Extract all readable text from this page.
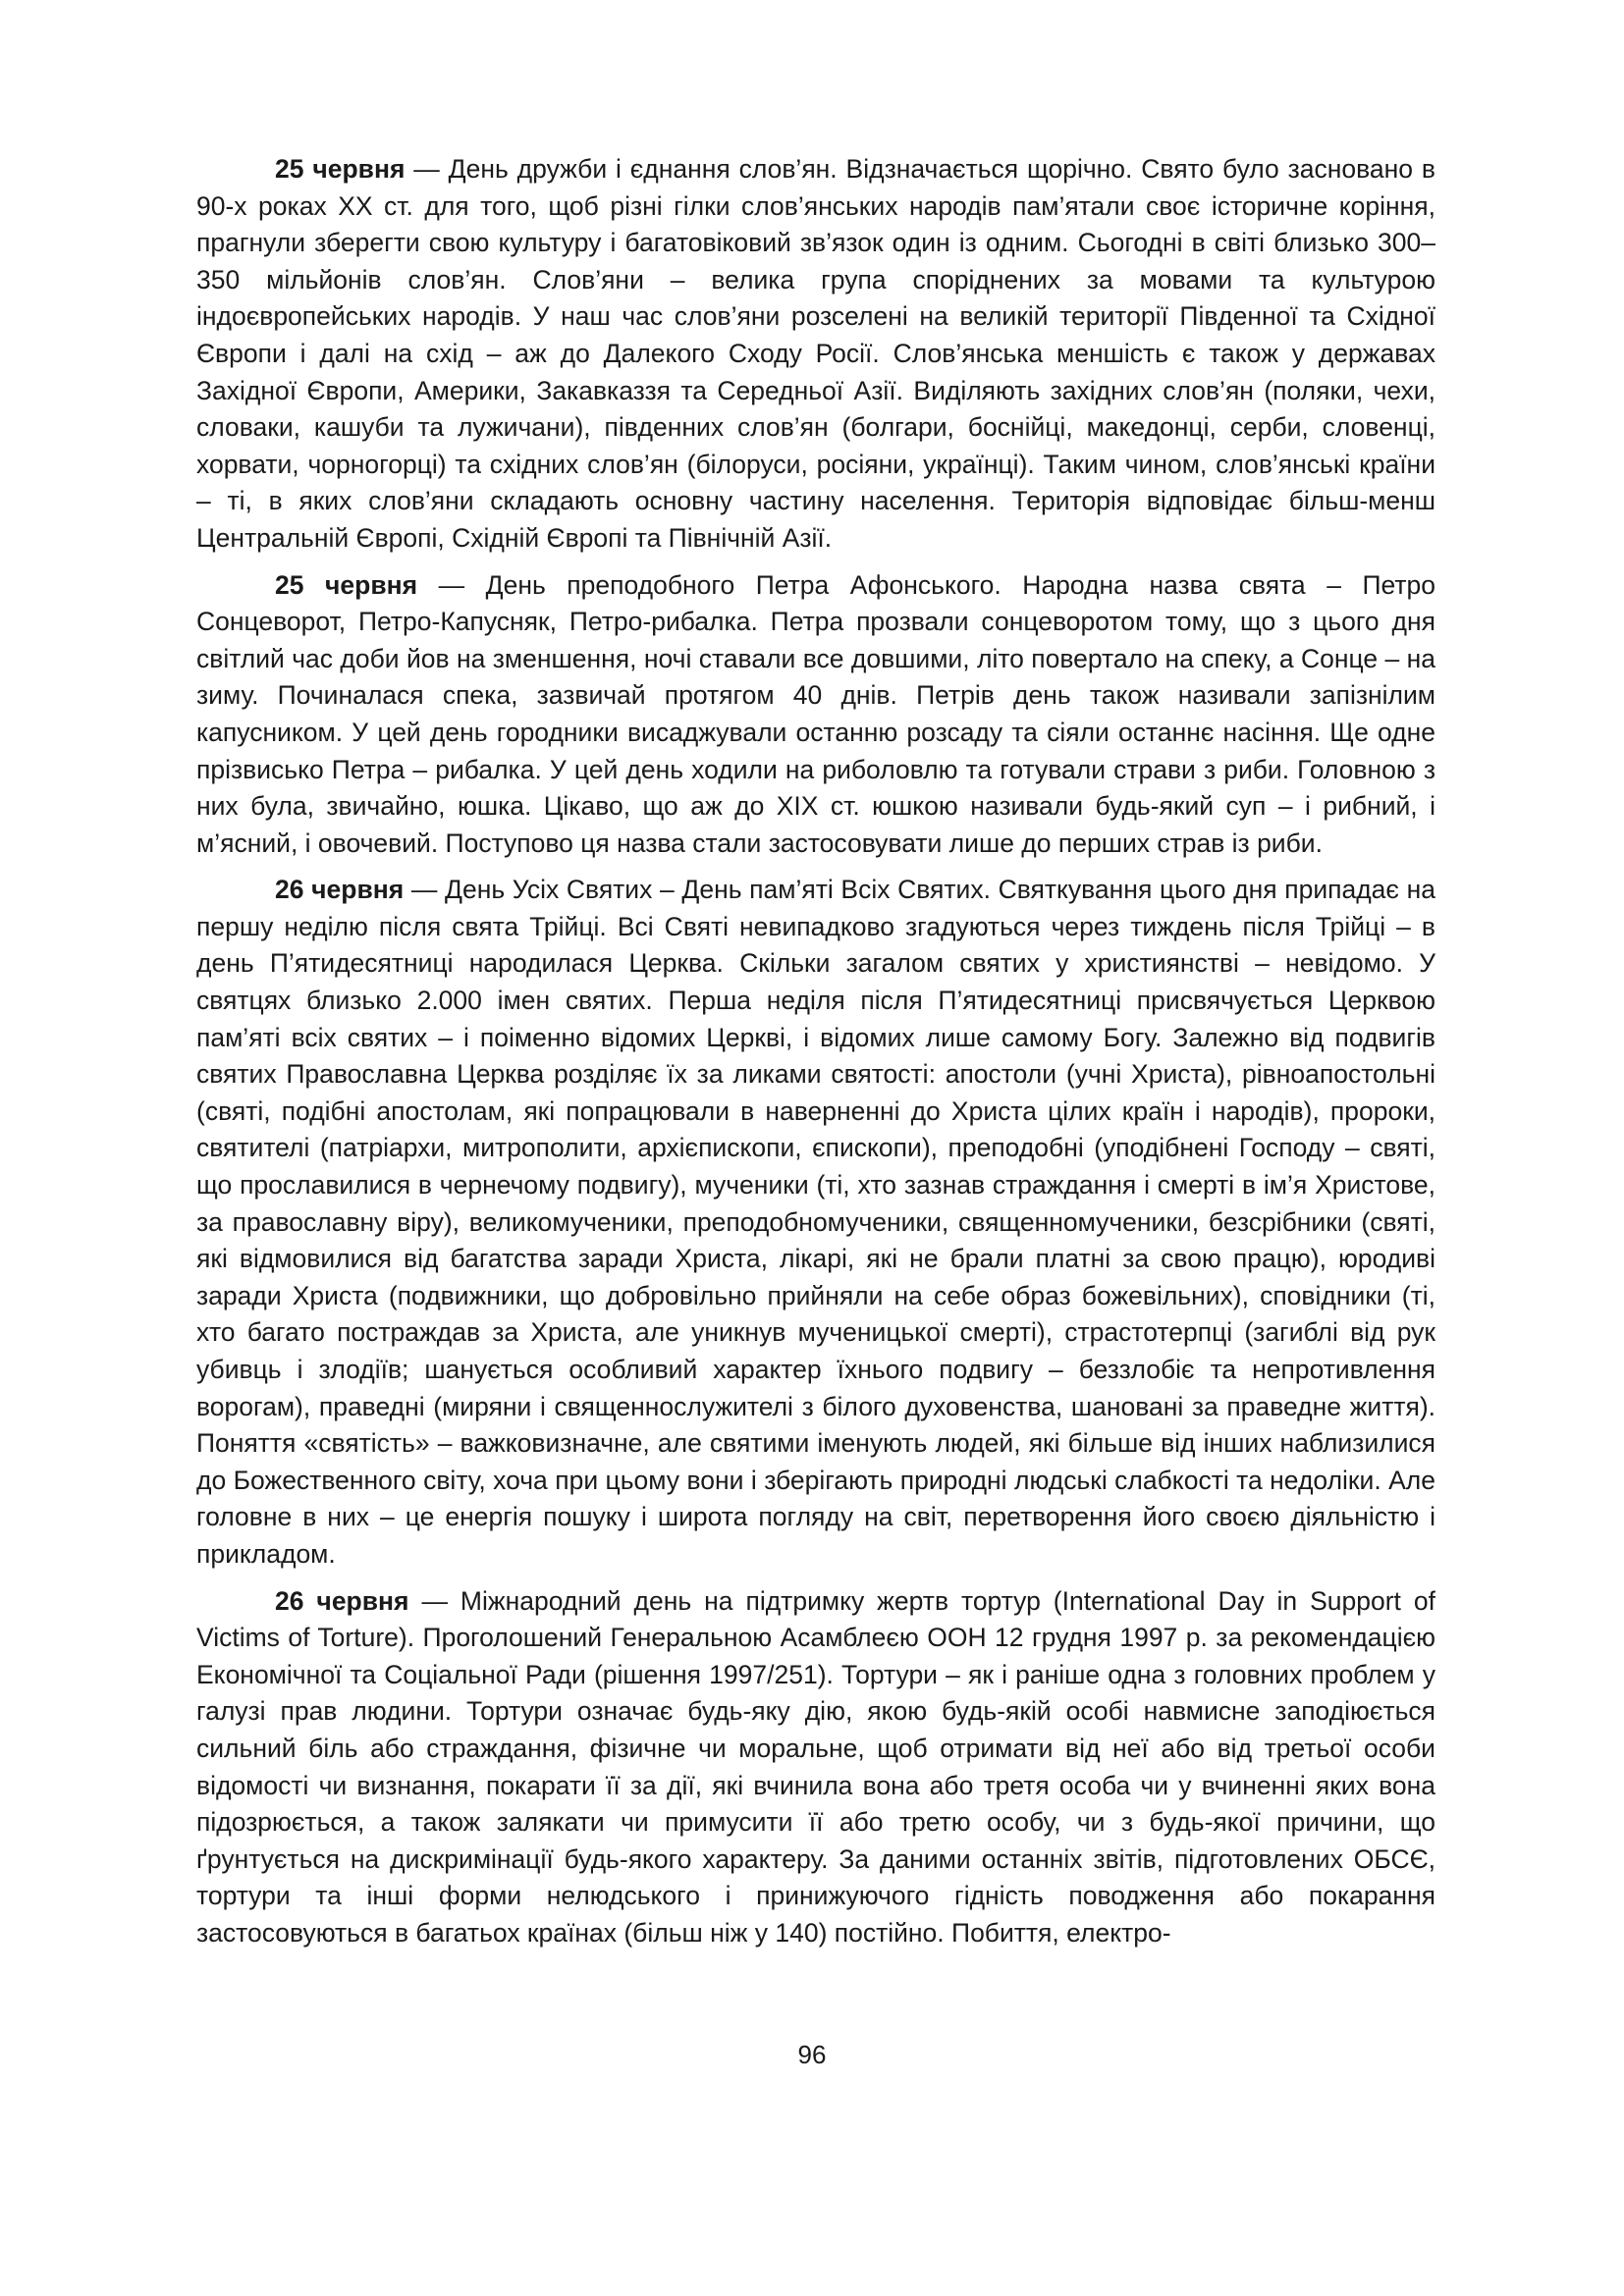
25 червня — День дружби і єднання слов’ян. Відзначається щорічно. Свято було засновано в 90-х роках ХХ ст. для того, щоб різні гілки слов’янських народів пам’ятали своє історичне коріння, прагнули зберегти свою культуру і багатовіковий зв’язок один із одним. Сьогодні в світі близько 300–350 мільйонів слов’ян. Слов’яни – велика група споріднених за мовами та культурою індоєвропейських народів. У наш час слов’яни розселені на великій території Південної та Східної Європи і далі на схід – аж до Далекого Сходу Росії. Слов’янська меншість є також у державах Західної Європи, Америки, Закавказзя та Середньої Азії. Виділяють західних слов’ян (поляки, чехи, словаки, кашуби та лужичани), південних слов’ян (болгари, боснійці, македонці, серби, словенці, хорвати, чорногорці) та східних слов’ян (білоруси, росіяни, українці). Таким чином, слов’янські країни – ті, в яких слов’яни складають основну частину населення. Територія відповідає більш-менш Центральній Європі, Східній Європі та Північній Азії.

25 червня — День преподобного Петра Афонського. Народна назва свята – Петро Сонцеворот, Петро-Капусняк, Петро-рибалка. Петра прозвали сонцеворотом тому, що з цього дня світлий час доби йов на зменшення, ночі ставали все довшими, літо повертало на спеку, а Сонце – на зиму. Починалася спека, зазвичай протягом 40 днів. Петрів день також називали запізнілим капусником. У цей день городники висаджували останню розсаду та сіяли останнє насіння. Ще одне прізвисько Петра – рибалка. У цей день ходили на риболовлю та готували страви з риби. Головною з них була, звичайно, юшка. Цікаво, що аж до XIX ст. юшкою називали будь-який суп – і рибний, і м’ясний, і овочевий. Поступово ця назва стали застосовувати лише до перших страв із риби.

26 червня — День Усіх Святих – День пам’яті Всіх Святих. Святкування цього дня припадає на першу неділю після свята Трійці. Всі Святі невипадково згадуються через тиждень після Трійці – в день П’ятидесятниці народилася Церква. Скільки загалом святих у християнстві – невідомо. У святцях близько 2.000 імен святих. Перша неділя після П’ятидесятниці присвячується Церквою пам’яті всіх святих – і поіменно відомих Церкві, і відомих лише самому Богу. Залежно від подвигів святих Православна Церква розділяє їх за ликами святості: апостоли (учні Христа), рівноапостольні (святі, подібні апостолам, які попрацювали в наверненні до Христа цілих країн і народів), пророки, святителі (патріархи, митрополити, архієпископи, єпископи), преподобні (уподібнені Господу – святі, що прославилися в чернечому подвигу), мученики (ті, хто зазнав страждання і смерті в ім’я Христове, за православну віру), великомученики, преподобномученики, священномученики, безсрібники (святі, які відмовилися від багатства заради Христа, лікарі, які не брали платні за свою працю), юродиві заради Христа (подвижники, що добровільно прийняли на себе образ божевільних), сповідники (ті, хто багато постраждав за Христа, але уникнув мученицької смерті), страстотерпці (загиблі від рук убивць і злодіїв; шанується особливий характер їхнього подвигу – беззлобіє та непротивлення ворогам), праведні (миряни і священнослужителі з білого духовенства, шановані за праведне життя). Поняття «святість» – важковизначне, але святими іменують людей, які більше від інших наблизилися до Божественного світу, хоча при цьому вони і зберігають природні людські слабкості та недоліки. Але головне в них – це енергія пошуку і широта погляду на світ, перетворення його своєю діяльністю і прикладом.

26 червня — Міжнародний день на підтримку жертв тортур (International Day in Support of Victims of Torture). Проголошений Генеральною Асамблеєю ООН 12 грудня 1997 р. за рекомендацією Економічної та Соціальної Ради (рішення 1997/251). Тортури – як і раніше одна з головних проблем у галузі прав людини. Тортури означає будь-яку дію, якою будь-якій особі навмисне заподіюється сильний біль або страждання, фізичне чи моральне, щоб отримати від неї або від третьої особи відомості чи визнання, покарати її за дії, які вчинила вона або третя особа чи у вчиненні яких вона підозрюється, а також залякати чи примусити її або третю особу, чи з будь-якої причини, що ґрунтується на дискримінації будь-якого характеру. За даними останніх звітів, підготовлених ОБСЄ, тортури та інші форми нелюдського і принижуючого гідність поводження або покарання застосовуються в багатьох країнах (більш ніж у 140) постійно. Побиття, електро-

96
